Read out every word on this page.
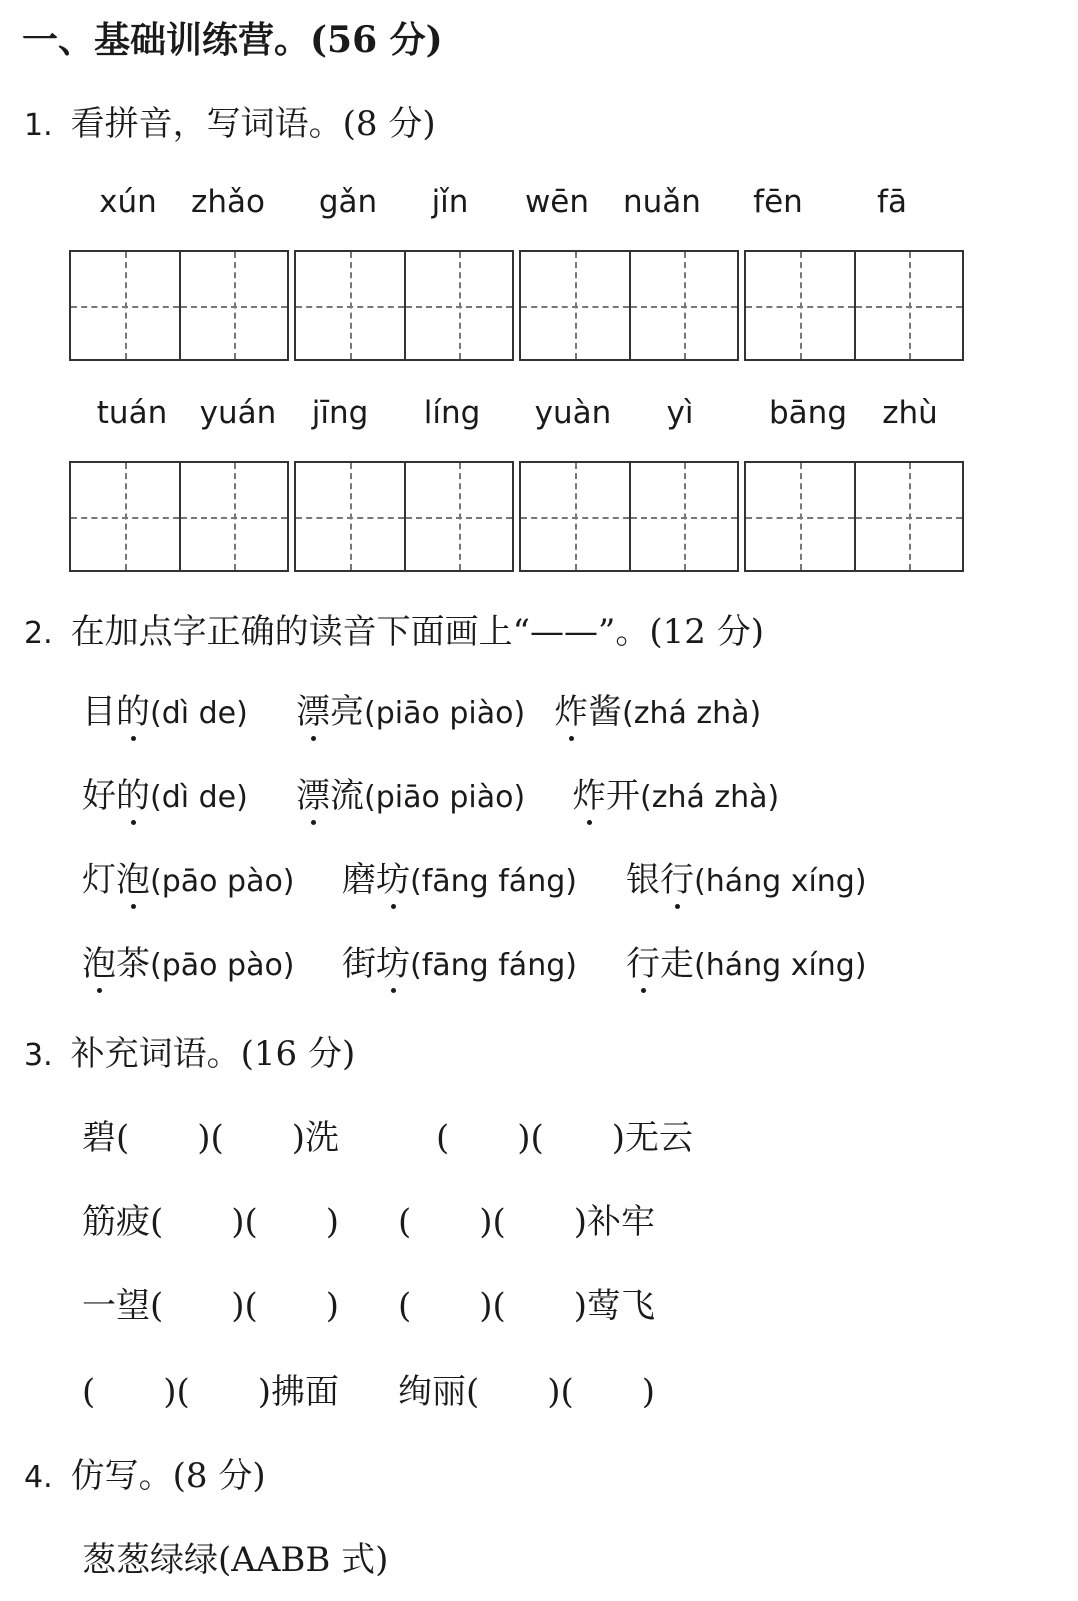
一、基础训练营。(56 分)
1. 看拼音，写词语。(8 分)
xún	zhǎo	gǎn	jǐn	wēn	nuǎn	fēn	fā
tuán	yuán	jīng	líng	yuàn	yì	bāng	zhù
2. 在加点字正确的读音下面画上“——”。(12 分)
目的(dì de) 漂亮(piāo piào) 炸酱(zhá zhà)
好的(dì de) 漂流(piāo piào) 炸开(zhá zhà)
灯泡(pāo pào) 磨坊(fāng fáng) 银行(háng xíng)
泡茶(pāo pào) 街坊(fāng fáng) 行走(háng xíng)
3. 补充词语。(16 分)
碧(　　)(　　)洗	(　　)(　　)无云
筋疲(　　)(　　) (　　)(　　)补牢
一望(　　)(　　) (　　)(　　)莺飞
(　　)(　　)拂面 绚丽(　　)(　　)
4. 仿写。(8 分)
葱葱绿绿(AABB 式)
